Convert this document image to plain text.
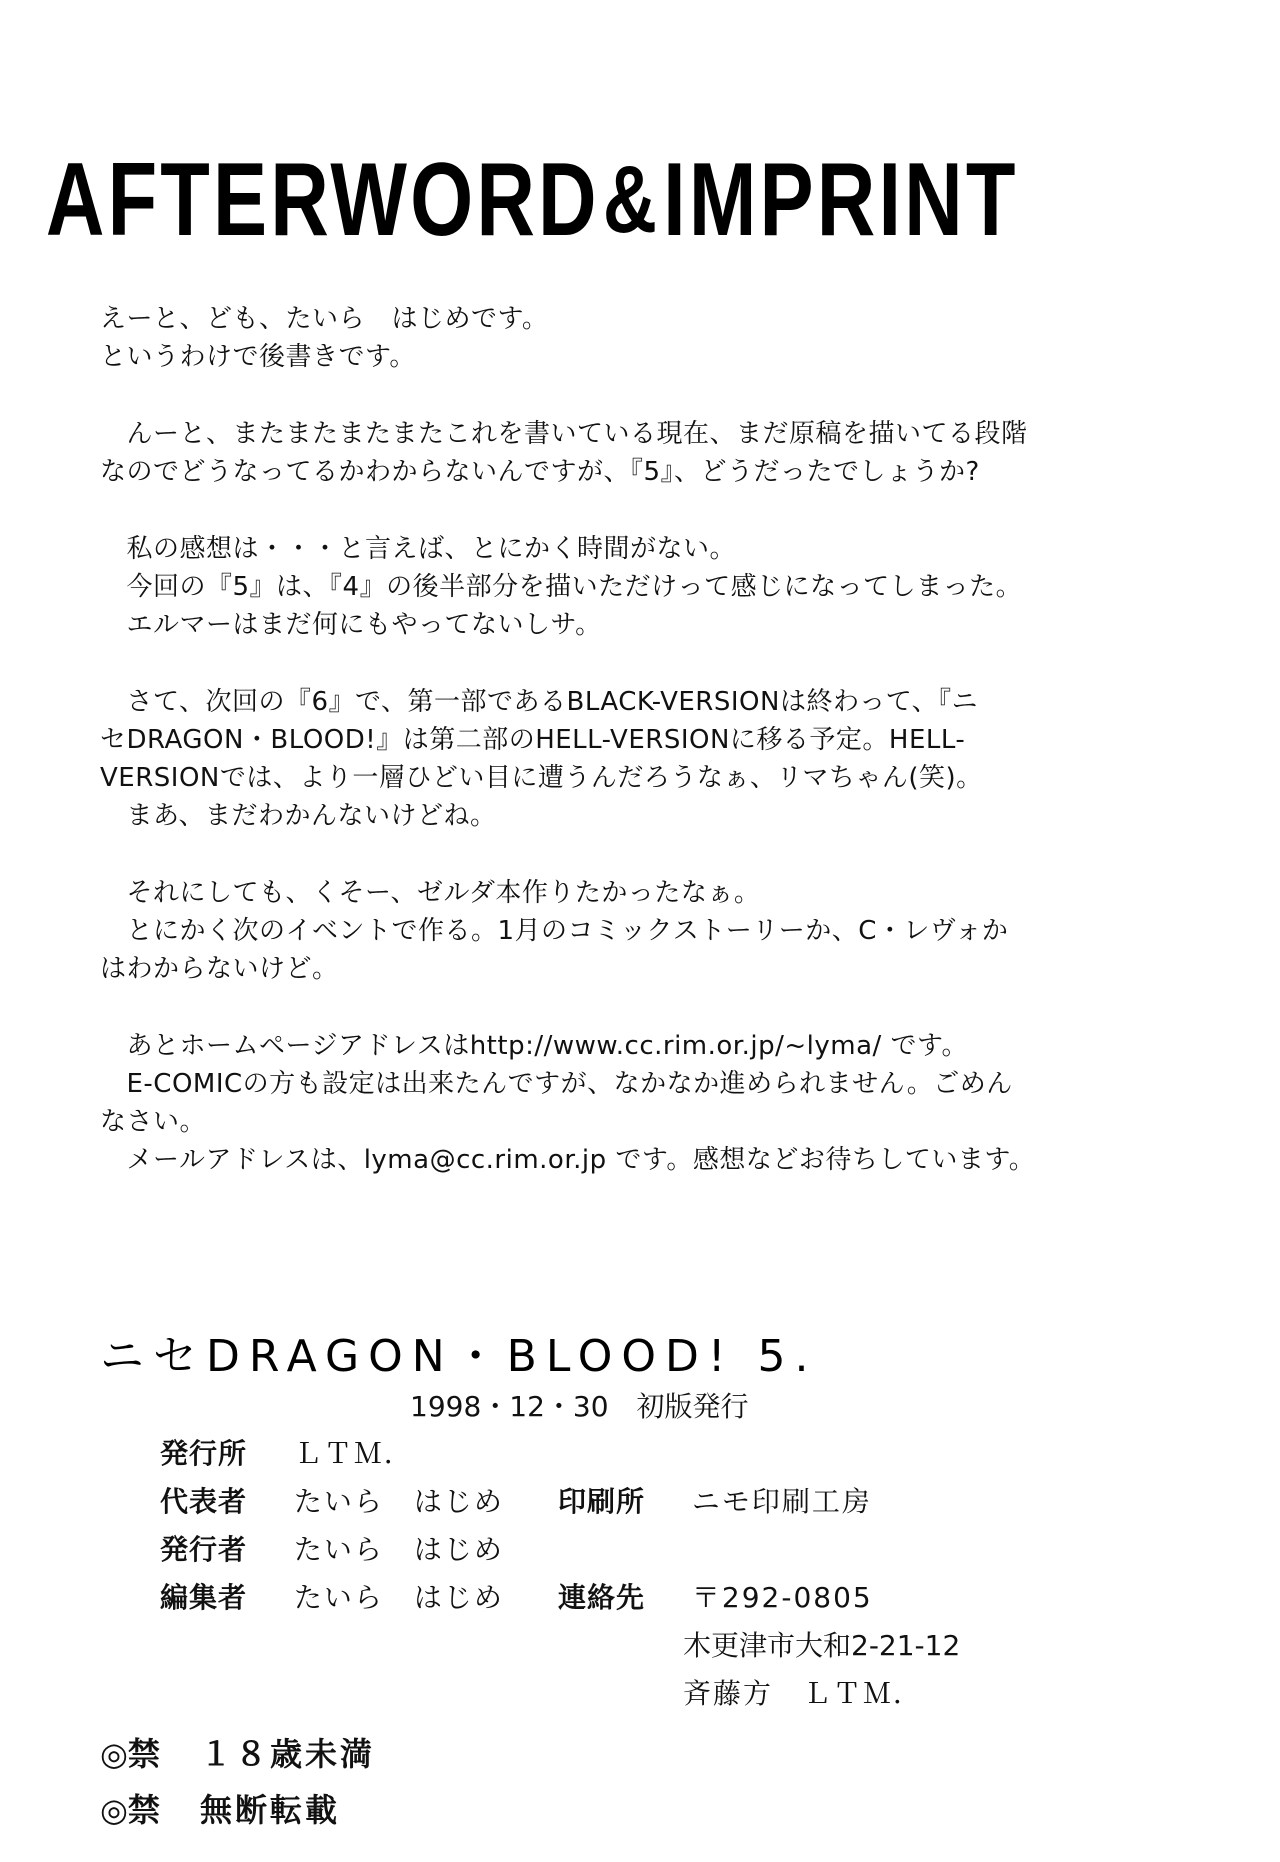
AFTERWORD & IMPRINT
えーと、ども、たいら　はじめです。
というわけで後書きです。
　んーと、またまたまたまたこれを書いている現在、まだ原稿を描いてる段階
なのでどうなってるかわからないんですが、『5』、どうだったでしょうか?
　私の感想は・・・と言えば、とにかく時間がない。
　今回の『5』は、『4』の後半部分を描いただけって感じになってしまった。
　エルマーはまだ何にもやってないしサ。
　さて、次回の『6』で、第一部であるBLACK-VERSIONは終わって、『ニ
セDRAGON・BLOOD!』は第二部のHELL-VERSIONに移る予定。HELL-
VERSIONでは、より一層ひどい目に遭うんだろうなぁ、リマちゃん(笑)。
　まあ、まだわかんないけどね。
　それにしても、くそー、ゼルダ本作りたかったなぁ。
　とにかく次のイベントで作る。1月のコミックストーリーか、C・レヴォか
はわからないけど。
　あとホームページアドレスはhttp://www.cc.rim.or.jp/~lyma/ です。
　E-COMICの方も設定は出来たんですが、なかなか進められません。ごめん
なさい。
　メールアドレスは、lyma@cc.rim.or.jp です。感想などお待ちしています。
ニセDRAGON・BLOOD! 5.
1998・12・30　初版発行
発行所 ＬＴＭ．
代表者 たいら　はじめ 印刷所 ニモ印刷工房
発行者 たいら　はじめ
編集者 たいら　はじめ 連絡先 〒292-0805
木更津市大和2-21-12
斉藤方　ＬＴＭ．
◎禁 １８歳未満
◎禁 無断転載
